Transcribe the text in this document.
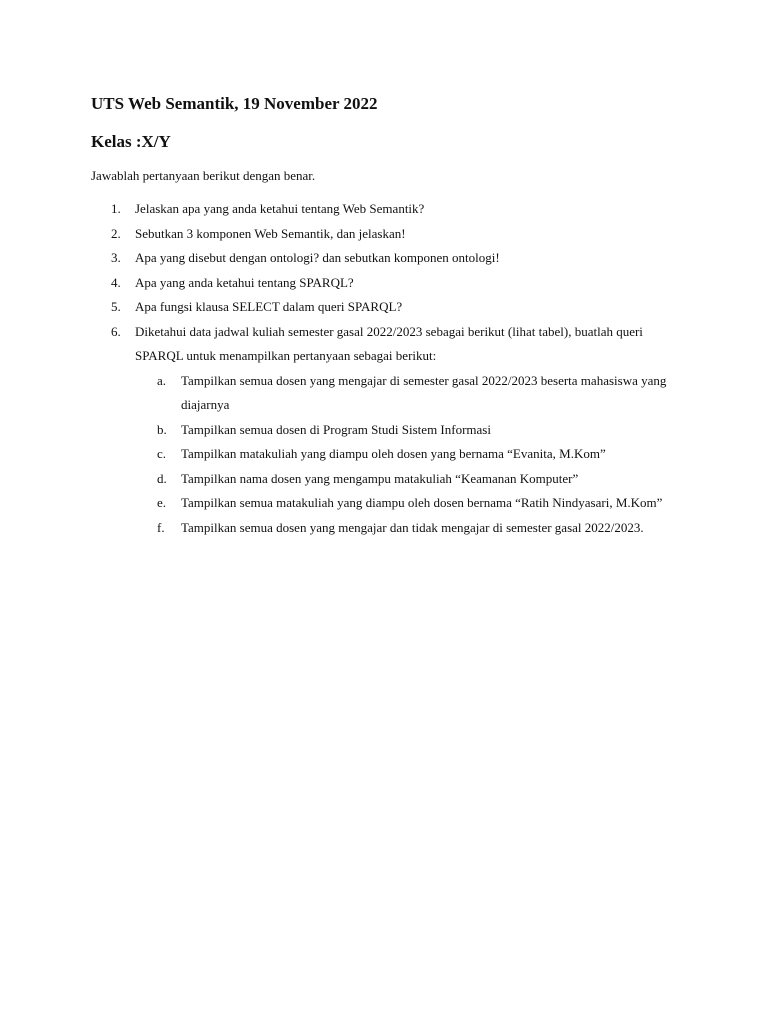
UTS Web Semantik, 19 November 2022
Kelas :X/Y

Jawablah pertanyaan berikut dengan benar.

1. Jelaskan apa yang anda ketahui tentang Web Semantik?
2. Sebutkan 3 komponen Web Semantik, dan jelaskan!
3. Apa yang disebut dengan ontologi? dan sebutkan komponen ontologi!
4. Apa yang anda ketahui tentang SPARQL?
5. Apa fungsi klausa SELECT dalam queri SPARQL?
6. Diketahui data jadwal kuliah semester gasal 2022/2023 sebagai berikut (lihat tabel), buatlah queri SPARQL untuk menampilkan pertanyaan sebagai berikut:
a. Tampilkan semua dosen yang mengajar di semester gasal 2022/2023 beserta mahasiswa yang diajarnya
b. Tampilkan semua dosen di Program Studi Sistem Informasi
c. Tampilkan matakuliah yang diampu oleh dosen yang bernama “Evanita, M.Kom”
d. Tampilkan nama dosen yang mengampu matakuliah “Keamanan Komputer”
e. Tampilkan semua matakuliah yang diampu oleh dosen bernama “Ratih Nindyasari, M.Kom”
f. Tampilkan semua dosen yang mengajar dan tidak mengajar di semester gasal 2022/2023.
